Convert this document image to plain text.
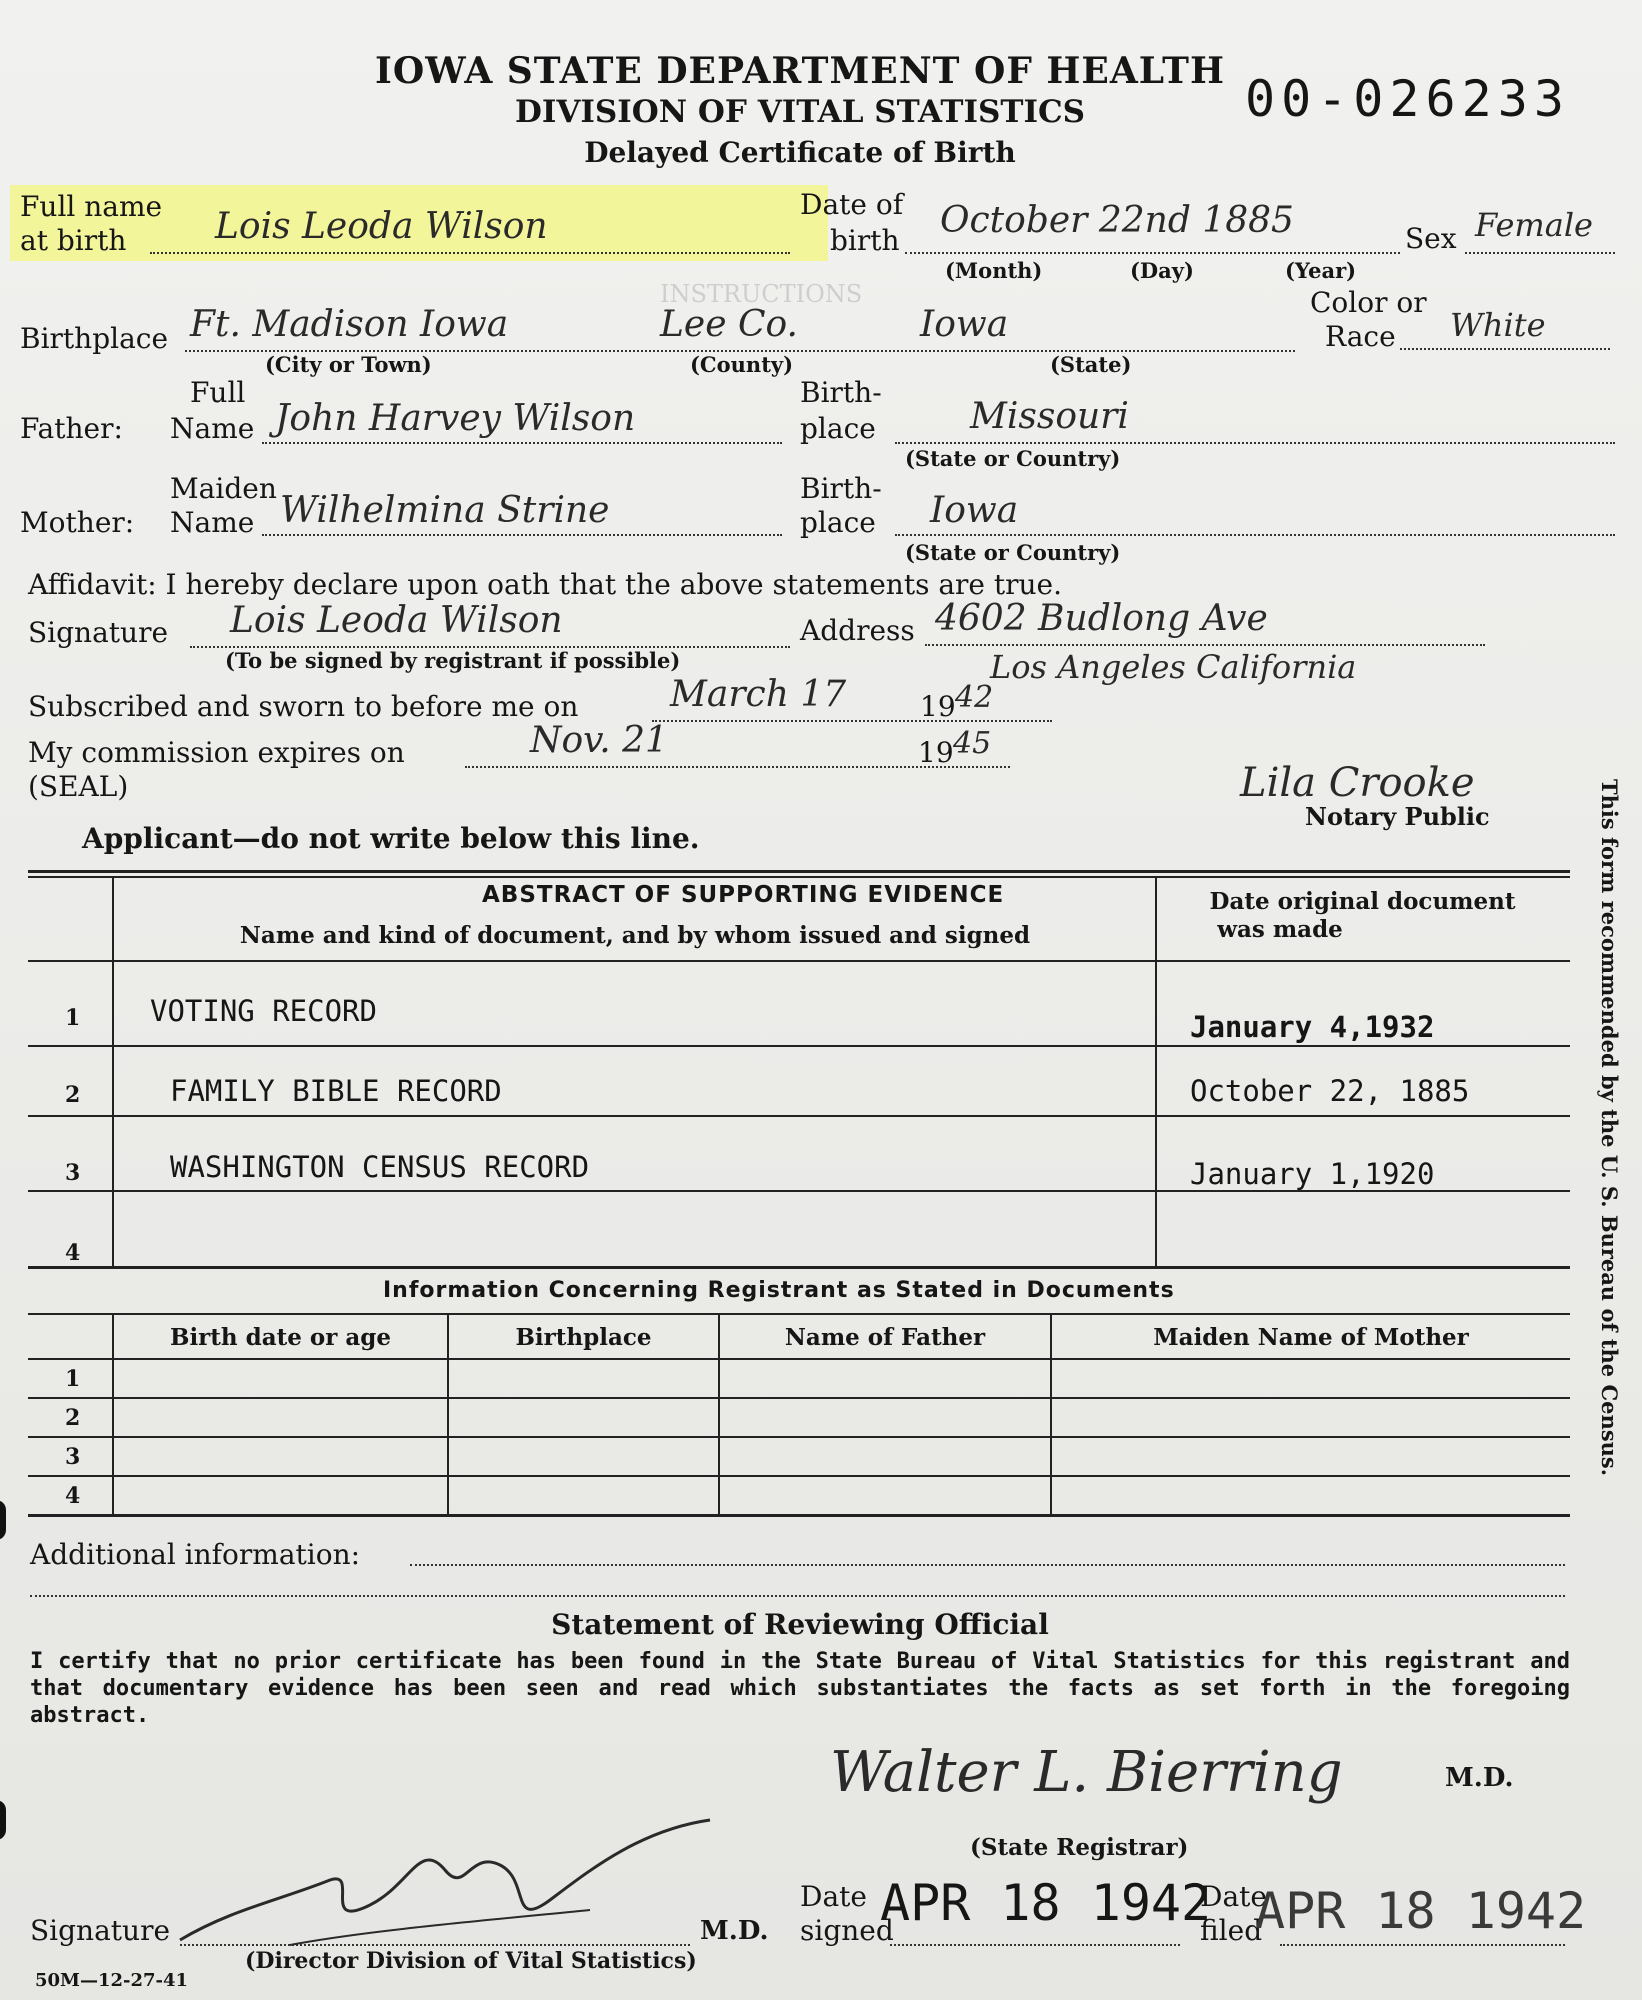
INSTRUCTIONS
IOWA STATE DEPARTMENT OF HEALTH
DIVISION OF VITAL STATISTICS
Delayed Certificate of Birth
00-026233
Full name
at birth Lois Leoda Wilson
Date of
birth October 22nd 1885	Sex Female
(Month)	(Day)	(Year)
Color or
Race White
Birthplace Ft. Madison Iowa	Lee Co.	Iowa
(City or Town)	(County)	(State)
Full
Father: Name John Harvey Wilson
Birth-
place	Missouri
(State or Country)
Maiden
Mother: Name Wilhelmina Strine
Birth-
place Iowa
(State or Country)
Affidavit: I hereby declare upon oath that the above statements are true.
Signature Lois Leoda Wilson
(To be signed by registrant if possible)
Address 4602 Budlong Ave
Los Angeles California
Subscribed and sworn to before me on	March 17	19 42
My commission expires on	Nov. 21	19 45
(SEAL)	Lila Crooke
Notary Public
Applicant—do not write below this line.
ABSTRACT OF SUPPORTING EVIDENCE
Name and kind of document, and by whom issued and signed
Date original document
was made
1 VOTING RECORD	January 4,1932
2	FAMILY BIBLE RECORD	October 22, 1885
3	WASHINGTON CENSUS RECORD	January 1,1920
4
Information Concerning Registrant as Stated in Documents
Birth date or age	Birthplace	Name of Father	Maiden Name of Mother
1
2
3
4
Additional information:
Statement of Reviewing Official
I certify that no prior certificate has been found in the State Bureau of Vital Statistics for this registrant and that documentary evidence has been seen and read which substantiates the facts as set forth in the foregoing abstract.
Walter L. Bierring	M.D.
(State Registrar)
Signature	M.D.
(Director Division of Vital Statistics)
Date
signed
APR 18 1942
Date
filed
APR 18 1942
50M—12-27-41
This form recommended by the U. S. Bureau of the Census.
